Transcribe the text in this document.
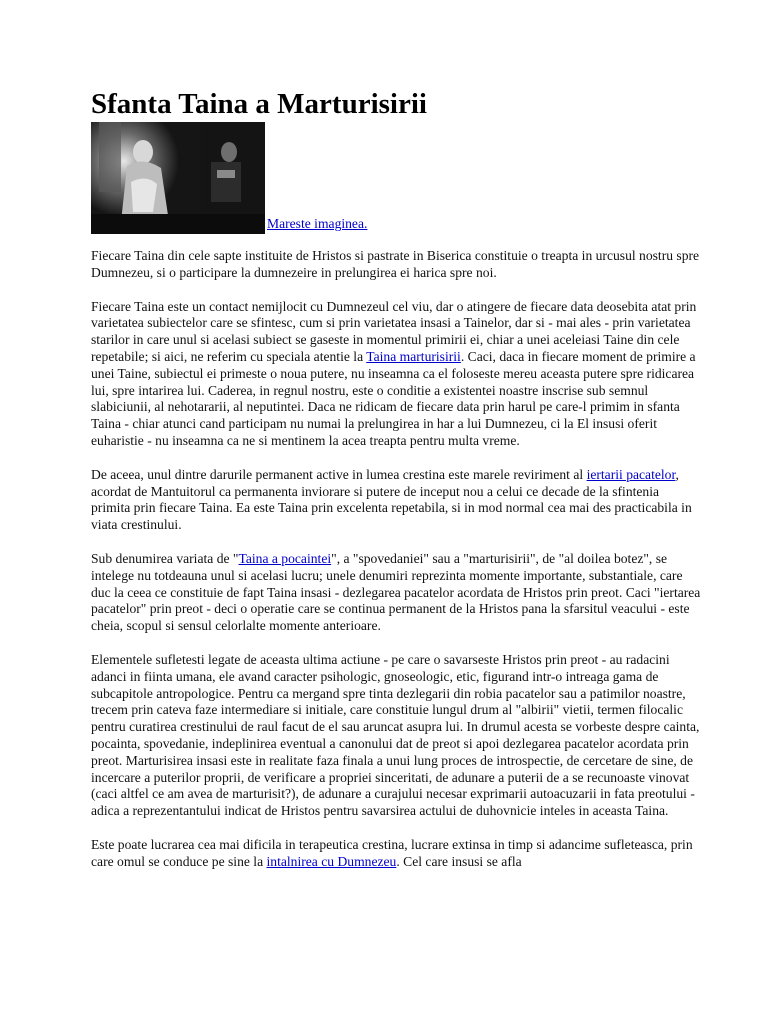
Sfanta Taina a Marturisirii
Mareste imaginea.

Fiecare Taina din cele sapte instituite de Hristos si pastrate in Biserica constituie o treapta in urcusul nostru spre Dumnezeu, si o participare la dumnezeire in prelungirea ei harica spre noi.

Fiecare Taina este un contact nemijlocit cu Dumnezeul cel viu, dar o atingere de fiecare data deosebita atat prin varietatea subiectelor care se sfintesc, cum si prin varietatea insasi a Tainelor, dar si - mai ales - prin varietatea starilor in care unul si acelasi subiect se gaseste in momentul primirii ei, chiar a unei aceleiasi Taine din cele repetabile; si aici, ne referim cu speciala atentie la Taina marturisirii. Caci, daca in fiecare moment de primire a unei Taine, subiectul ei primeste o noua putere, nu inseamna ca el foloseste mereu aceasta putere spre ridicarea lui, spre intarirea lui. Caderea, in regnul nostru, este o conditie a existentei noastre inscrise sub semnul slabiciunii, al nehotararii, al neputintei. Daca ne ridicam de fiecare data prin harul pe care-l primim in sfanta Taina - chiar atunci cand participam nu numai la prelungirea in har a lui Dumnezeu, ci la El insusi oferit euharistie - nu inseamna ca ne si mentinem la acea treapta pentru multa vreme.

De aceea, unul dintre darurile permanent active in lumea crestina este marele reviriment al iertarii pacatelor, acordat de Mantuitorul ca permanenta inviorare si putere de inceput nou a celui ce decade de la sfintenia primita prin fiecare Taina. Ea este Taina prin excelenta repetabila, si in mod normal cea mai des practicabila in viata crestinului.

Sub denumirea variata de "Taina a pocaintei", a "spovedaniei" sau a "marturisirii", de "al doilea botez", se intelege nu totdeauna unul si acelasi lucru; unele denumiri reprezinta momente importante, substantiale, care duc la ceea ce constituie de fapt Taina insasi - dezlegarea pacatelor acordata de Hristos prin preot. Caci "iertarea pacatelor" prin preot - deci o operatie care se continua permanent de la Hristos pana la sfarsitul veacului - este cheia, scopul si sensul celorlalte momente anterioare.

Elementele sufletesti legate de aceasta ultima actiune - pe care o savarseste Hristos prin preot - au radacini adanci in fiinta umana, ele avand caracter psihologic, gnoseologic, etic, figurand intr-o intreaga gama de subcapitole antropologice. Pentru ca mergand spre tinta dezlegarii din robia pacatelor sau a patimilor noastre, trecem prin cateva faze intermediare si initiale, care constituie lungul drum al "albirii" vietii, termen filocalic pentru curatirea crestinului de raul facut de el sau aruncat asupra lui. In drumul acesta se vorbeste despre cainta, pocainta, spovedanie, indeplinirea eventual a canonului dat de preot si apoi dezlegarea pacatelor acordata prin preot. Marturisirea insasi este in realitate faza finala a unui lung proces de introspectie, de cercetare de sine, de incercare a puterilor proprii, de verificare a propriei sinceritati, de adunare a puterii de a se recunoaste vinovat (caci altfel ce am avea de marturisit?), de adunare a curajului necesar exprimarii autoacuzarii in fata preotului - adica a reprezentantului indicat de Hristos pentru savarsirea actului de duhovnicie inteles in aceasta Taina.

Este poate lucrarea cea mai dificila in terapeutica crestina, lucrare extinsa in timp si adancime sufleteasca, prin care omul se conduce pe sine la intalnirea cu Dumnezeu. Cel care insusi se afla
